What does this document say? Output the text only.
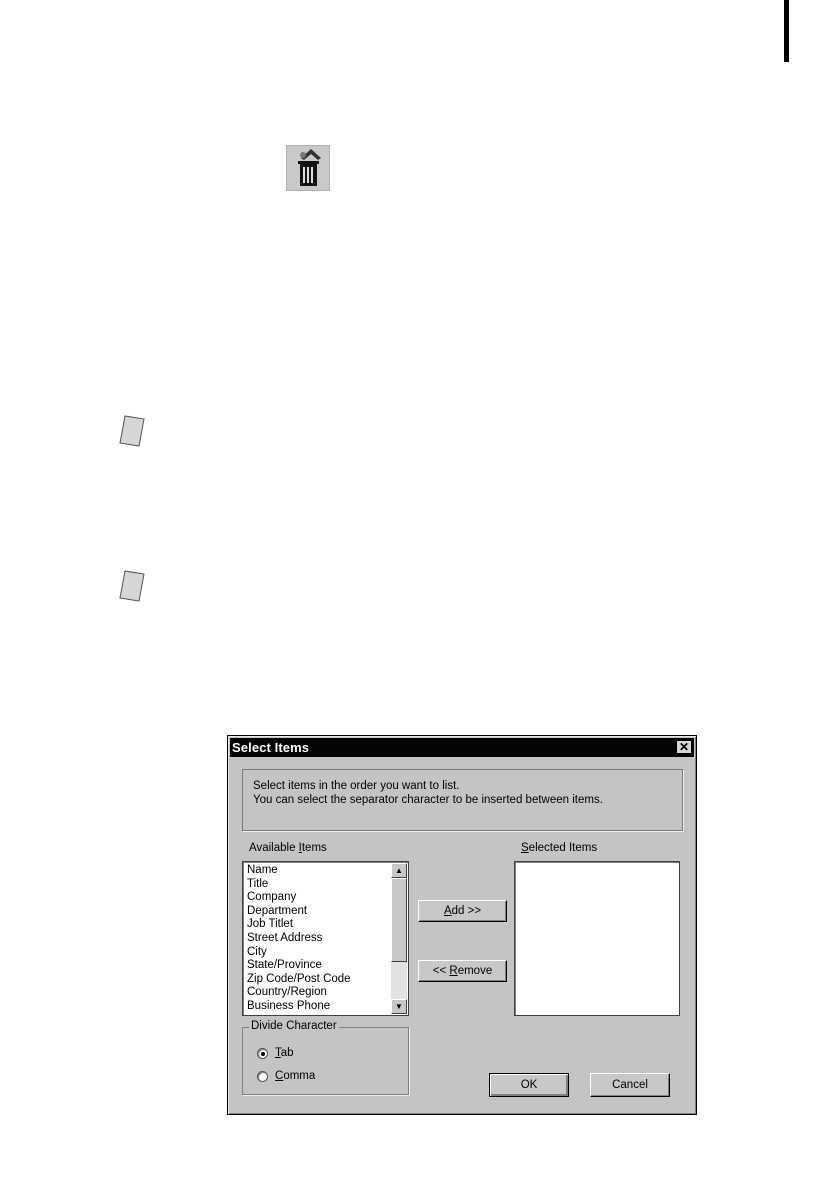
Select Items	✕
Select items in the order you want to list.
You can select the separator character to be inserted between items.
Available Items	Selected Items
Name
Title
Company
Department
Job Titlet
Street Address
City
State/Province
Zip Code/Post Code
Country/Region
Business Phone
▲
▼
Add >>
<< Remove
Divide Character
Tab
Comma
OK	Cancel
